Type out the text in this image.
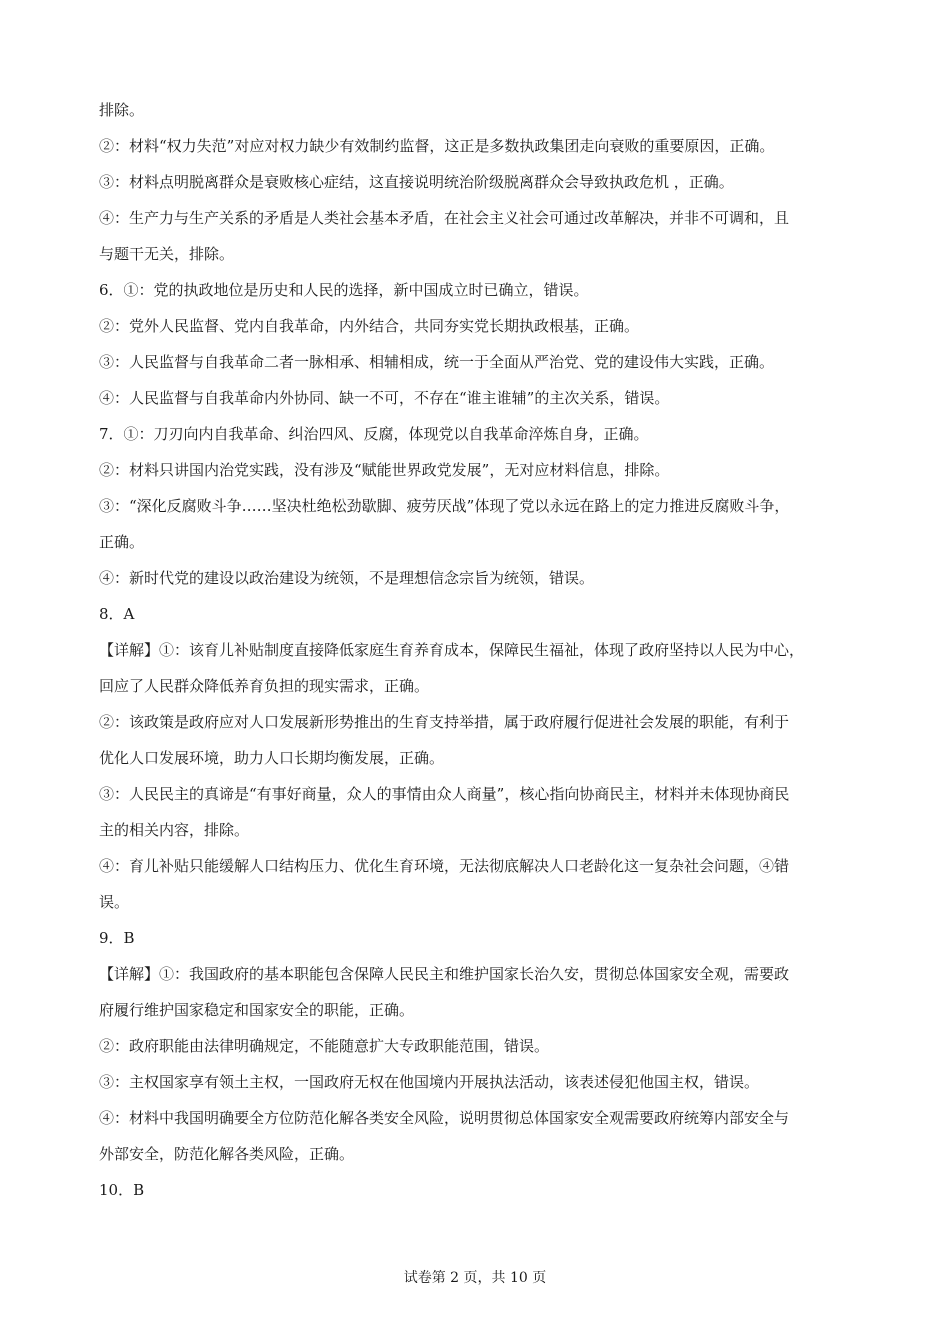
排除。
②：材料“权力失范”对应对权力缺少有效制约监督，这正是多数执政集团走向衰败的重要原因，正确。
③：材料点明脱离群众是衰败核心症结，这直接说明统治阶级脱离群众会导致执政危机 ，正确。
④：生产力与生产关系的矛盾是人类社会基本矛盾，在社会主义社会可通过改革解决，并非不可调和，且
与题干无关，排除。
6．①：党的执政地位是历史和人民的选择，新中国成立时已确立，错误。
②：党外人民监督、党内自我革命，内外结合，共同夯实党长期执政根基，正确。
③：人民监督与自我革命二者一脉相承、相辅相成，统一于全面从严治党、党的建设伟大实践，正确。
④：人民监督与自我革命内外协同、缺一不可，不存在“谁主谁辅”的主次关系，错误。
7．①：刀刃向内自我革命、纠治四风、反腐，体现党以自我革命淬炼自身，正确。
②：材料只讲国内治党实践，没有涉及“赋能世界政党发展”，无对应材料信息，排除。
③：“深化反腐败斗争……坚决杜绝松劲歇脚、疲劳厌战”体现了党以永远在路上的定力推进反腐败斗争，
正确。
④：新时代党的建设以政治建设为统领，不是理想信念宗旨为统领，错误。
8．A
【详解】①：该育儿补贴制度直接降低家庭生育养育成本，保障民生福祉，体现了政府坚持以人民为中心，
回应了人民群众降低养育负担的现实需求，正确。
②：该政策是政府应对人口发展新形势推出的生育支持举措，属于政府履行促进社会发展的职能，有利于
优化人口发展环境，助力人口长期均衡发展，正确。
③：人民民主的真谛是“有事好商量，众人的事情由众人商量”，核心指向协商民主，材料并未体现协商民
主的相关内容，排除。
④：育儿补贴只能缓解人口结构压力、优化生育环境，无法彻底解决人口老龄化这一复杂社会问题，④错
误。
9．B
【详解】①：我国政府的基本职能包含保障人民民主和维护国家长治久安，贯彻总体国家安全观，需要政
府履行维护国家稳定和国家安全的职能，正确。
②：政府职能由法律明确规定，不能随意扩大专政职能范围，错误。
③：主权国家享有领土主权，一国政府无权在他国境内开展执法活动，该表述侵犯他国主权，错误。
④：材料中我国明确要全方位防范化解各类安全风险，说明贯彻总体国家安全观需要政府统筹内部安全与
外部安全，防范化解各类风险，正确。
10．B
试卷第 2 页，共 10 页
